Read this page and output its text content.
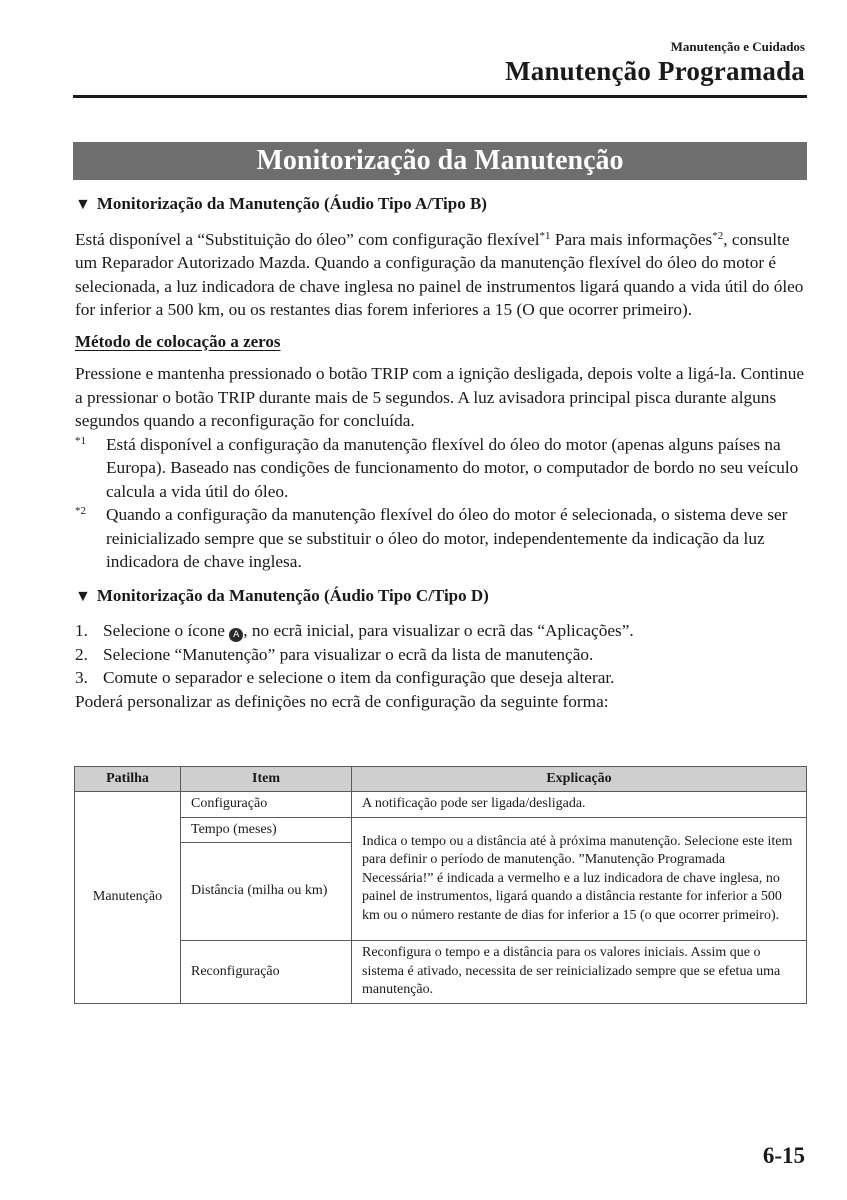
Manutenção e Cuidados
Manutenção Programada
Monitorização da Manutenção
▼ Monitorização da Manutenção (Áudio Tipo A/Tipo B)

Está disponível a “Substituição do óleo” com configuração flexível$^{*1}$ Para mais informações$^{*2}$, consulte um Reparador Autorizado Mazda. Quando a configuração da manutenção flexível do óleo do motor é selecionada, a luz indicadora de chave inglesa no painel de instrumentos ligará quando a vida útil do óleo for inferior a 500 km, ou os restantes dias forem inferiores a 15 (O que ocorrer primeiro).

Método de colocação a zeros

Pressione e mantenha pressionado o botão TRIP com a ignição desligada, depois volte a ligá-la. Continue a pressionar o botão TRIP durante mais de 5 segundos. A luz avisadora principal pisca durante alguns segundos quando a reconfiguração for concluída.

$^{*1}$	Está disponível a configuração da manutenção flexível do óleo do motor (apenas alguns países na Europa). Baseado nas condições de funcionamento do motor, o computador de bordo no seu veículo calcula a vida útil do óleo.
$^{*2}$	Quando a configuração da manutenção flexível do óleo do motor é selecionada, o sistema deve ser reinicializado sempre que se substituir o óleo do motor, independentemente da indicação da luz indicadora de chave inglesa.
▼ Monitorização da Manutenção (Áudio Tipo C/Tipo D)
1. Selecione o ícone A , no ecrã inicial, para visualizar o ecrã das “Aplicações”.
2. Selecione “Manutenção” para visualizar o ecrã da lista de manutenção.
3. Comute o separador e selecione o item da configuração que deseja alterar.

Poderá personalizar as definições no ecrã de configuração da seguinte forma:

Patilha	Item	Explicação
Manutenção	Configuração	A notificação pode ser ligada/desligada.
	Tempo (meses)	Indica o tempo ou a distância até à próxima manutenção. Selecione este item para definir o período de manutenção. ”Manutenção Programada Necessária!” é indicada a vermelho e a luz indicadora de chave inglesa, no painel de instrumentos, ligará quando a distância restante for inferior a 500 km ou o número restante de dias for inferior a 15 (o que ocorrer primeiro).
	Distância (milha ou km)	
	Reconfiguração	Reconfigura o tempo e a distância para os valores iniciais. Assim que o sistema é ativado, necessita de ser reinicializado sempre que se efetua uma manutenção.
6-15
